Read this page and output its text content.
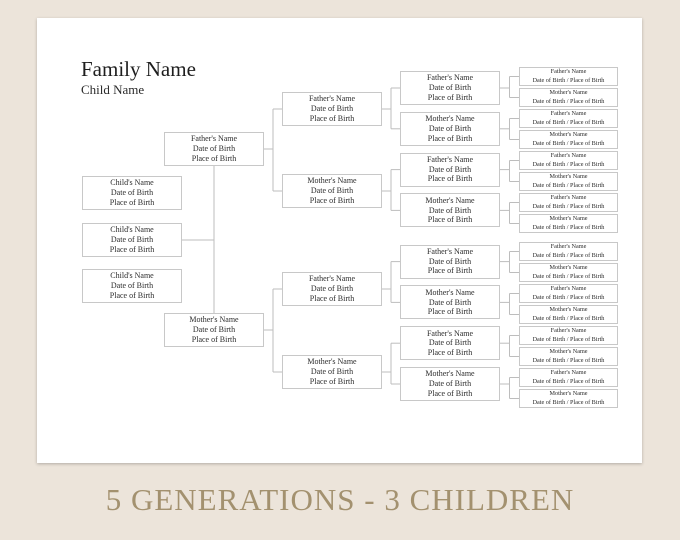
Family Name
Child Name
Child's Name
Date of Birth
Place of Birth
Child's Name
Date of Birth
Place of Birth
Child's Name
Date of Birth
Place of Birth
Father's Name
Date of Birth
Place of Birth
Mother's Name
Date of Birth
Place of Birth
Father's Name
Date of Birth
Place of Birth
Mother's Name
Date of Birth
Place of Birth
Father's Name
Date of Birth
Place of Birth
Mother's Name
Date of Birth
Place of Birth
Father's Name
Date of Birth
Place of Birth
Mother's Name
Date of Birth
Place of Birth
Father's Name
Date of Birth
Place of Birth
Mother's Name
Date of Birth
Place of Birth
Father's Name
Date of Birth
Place of Birth
Mother's Name
Date of Birth
Place of Birth
Father's Name
Date of Birth
Place of Birth
Mother's Name
Date of Birth
Place of Birth
Father's Name
Date of Birth / Place of Birth
Mother's Name
Date of Birth / Place of Birth
Father's Name
Date of Birth / Place of Birth
Mother's Name
Date of Birth / Place of Birth
Father's Name
Date of Birth / Place of Birth
Mother's Name
Date of Birth / Place of Birth
Father's Name
Date of Birth / Place of Birth
Mother's Name
Date of Birth / Place of Birth
Father's Name
Date of Birth / Place of Birth
Mother's Name
Date of Birth / Place of Birth
Father's Name
Date of Birth / Place of Birth
Mother's Name
Date of Birth / Place of Birth
Father's Name
Date of Birth / Place of Birth
Mother's Name
Date of Birth / Place of Birth
Father's Name
Date of Birth / Place of Birth
Mother's Name
Date of Birth / Place of Birth
5 GENERATIONS - 3 CHILDREN
